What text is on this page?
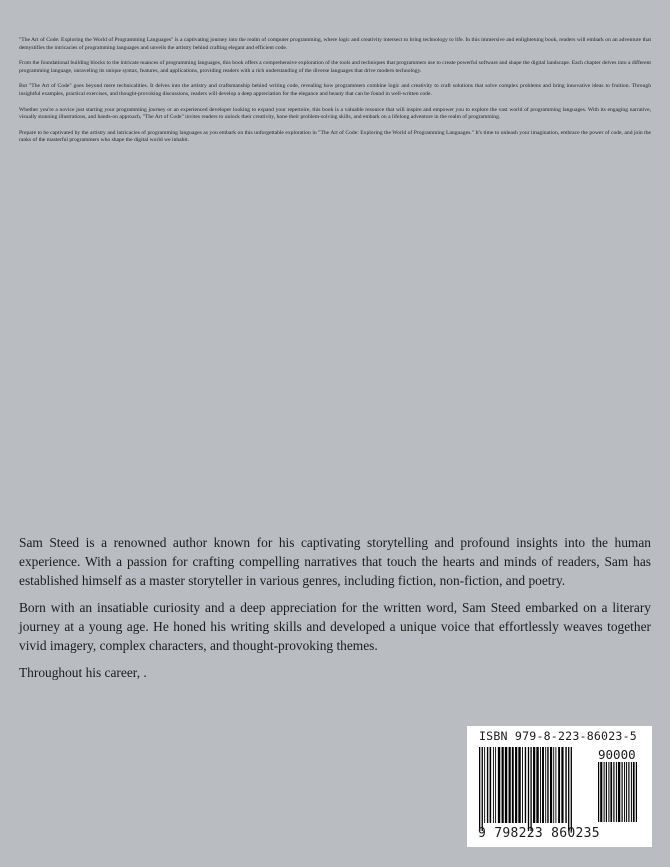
"The Art of Code: Exploring the World of Programming Languages" is a captivating journey into the realm of computer programming, where logic and creativity intersect to bring technology to life. In this immersive and enlightening book, readers will embark on an adventure that demystifies the intricacies of programming languages and unveils the artistry behind crafting elegant and efficient code.

From the foundational building blocks to the intricate nuances of programming languages, this book offers a comprehensive exploration of the tools and techniques that programmers use to create powerful software and shape the digital landscape. Each chapter delves into a different programming language, unraveling its unique syntax, features, and applications, providing readers with a rich understanding of the diverse languages that drive modern technology.

But "The Art of Code" goes beyond mere technicalities. It delves into the artistry and craftsmanship behind writing code, revealing how programmers combine logic and creativity to craft solutions that solve complex problems and bring innovative ideas to fruition. Through insightful examples, practical exercises, and thought-provoking discussions, readers will develop a deep appreciation for the elegance and beauty that can be found in well-written code.

Whether you're a novice just starting your programming journey or an experienced developer looking to expand your repertoire, this book is a valuable resource that will inspire and empower you to explore the vast world of programming languages. With its engaging narrative, visually stunning illustrations, and hands-on approach, "The Art of Code" invites readers to unlock their creativity, hone their problem-solving skills, and embark on a lifelong adventure in the realm of programming.

Prepare to be captivated by the artistry and intricacies of programming languages as you embark on this unforgettable exploration in "The Art of Code: Exploring the World of Programming Languages." It's time to unleash your imagination, embrace the power of code, and join the ranks of the masterful programmers who shape the digital world we inhabit.

Sam Steed is a renowned author known for his captivating storytelling and profound insights into the human experience. With a passion for crafting compelling narratives that touch the hearts and minds of readers, Sam has established himself as a master storyteller in various genres, including fiction, non-fiction, and poetry.

Born with an insatiable curiosity and a deep appreciation for the written word, Sam Steed embarked on a literary journey at a young age. He honed his writing skills and developed a unique voice that effortlessly weaves together vivid imagery, complex characters, and thought-provoking themes.

Throughout his career, .

ISBN 979-8-223-86023-5
90000
9 798223 860235
